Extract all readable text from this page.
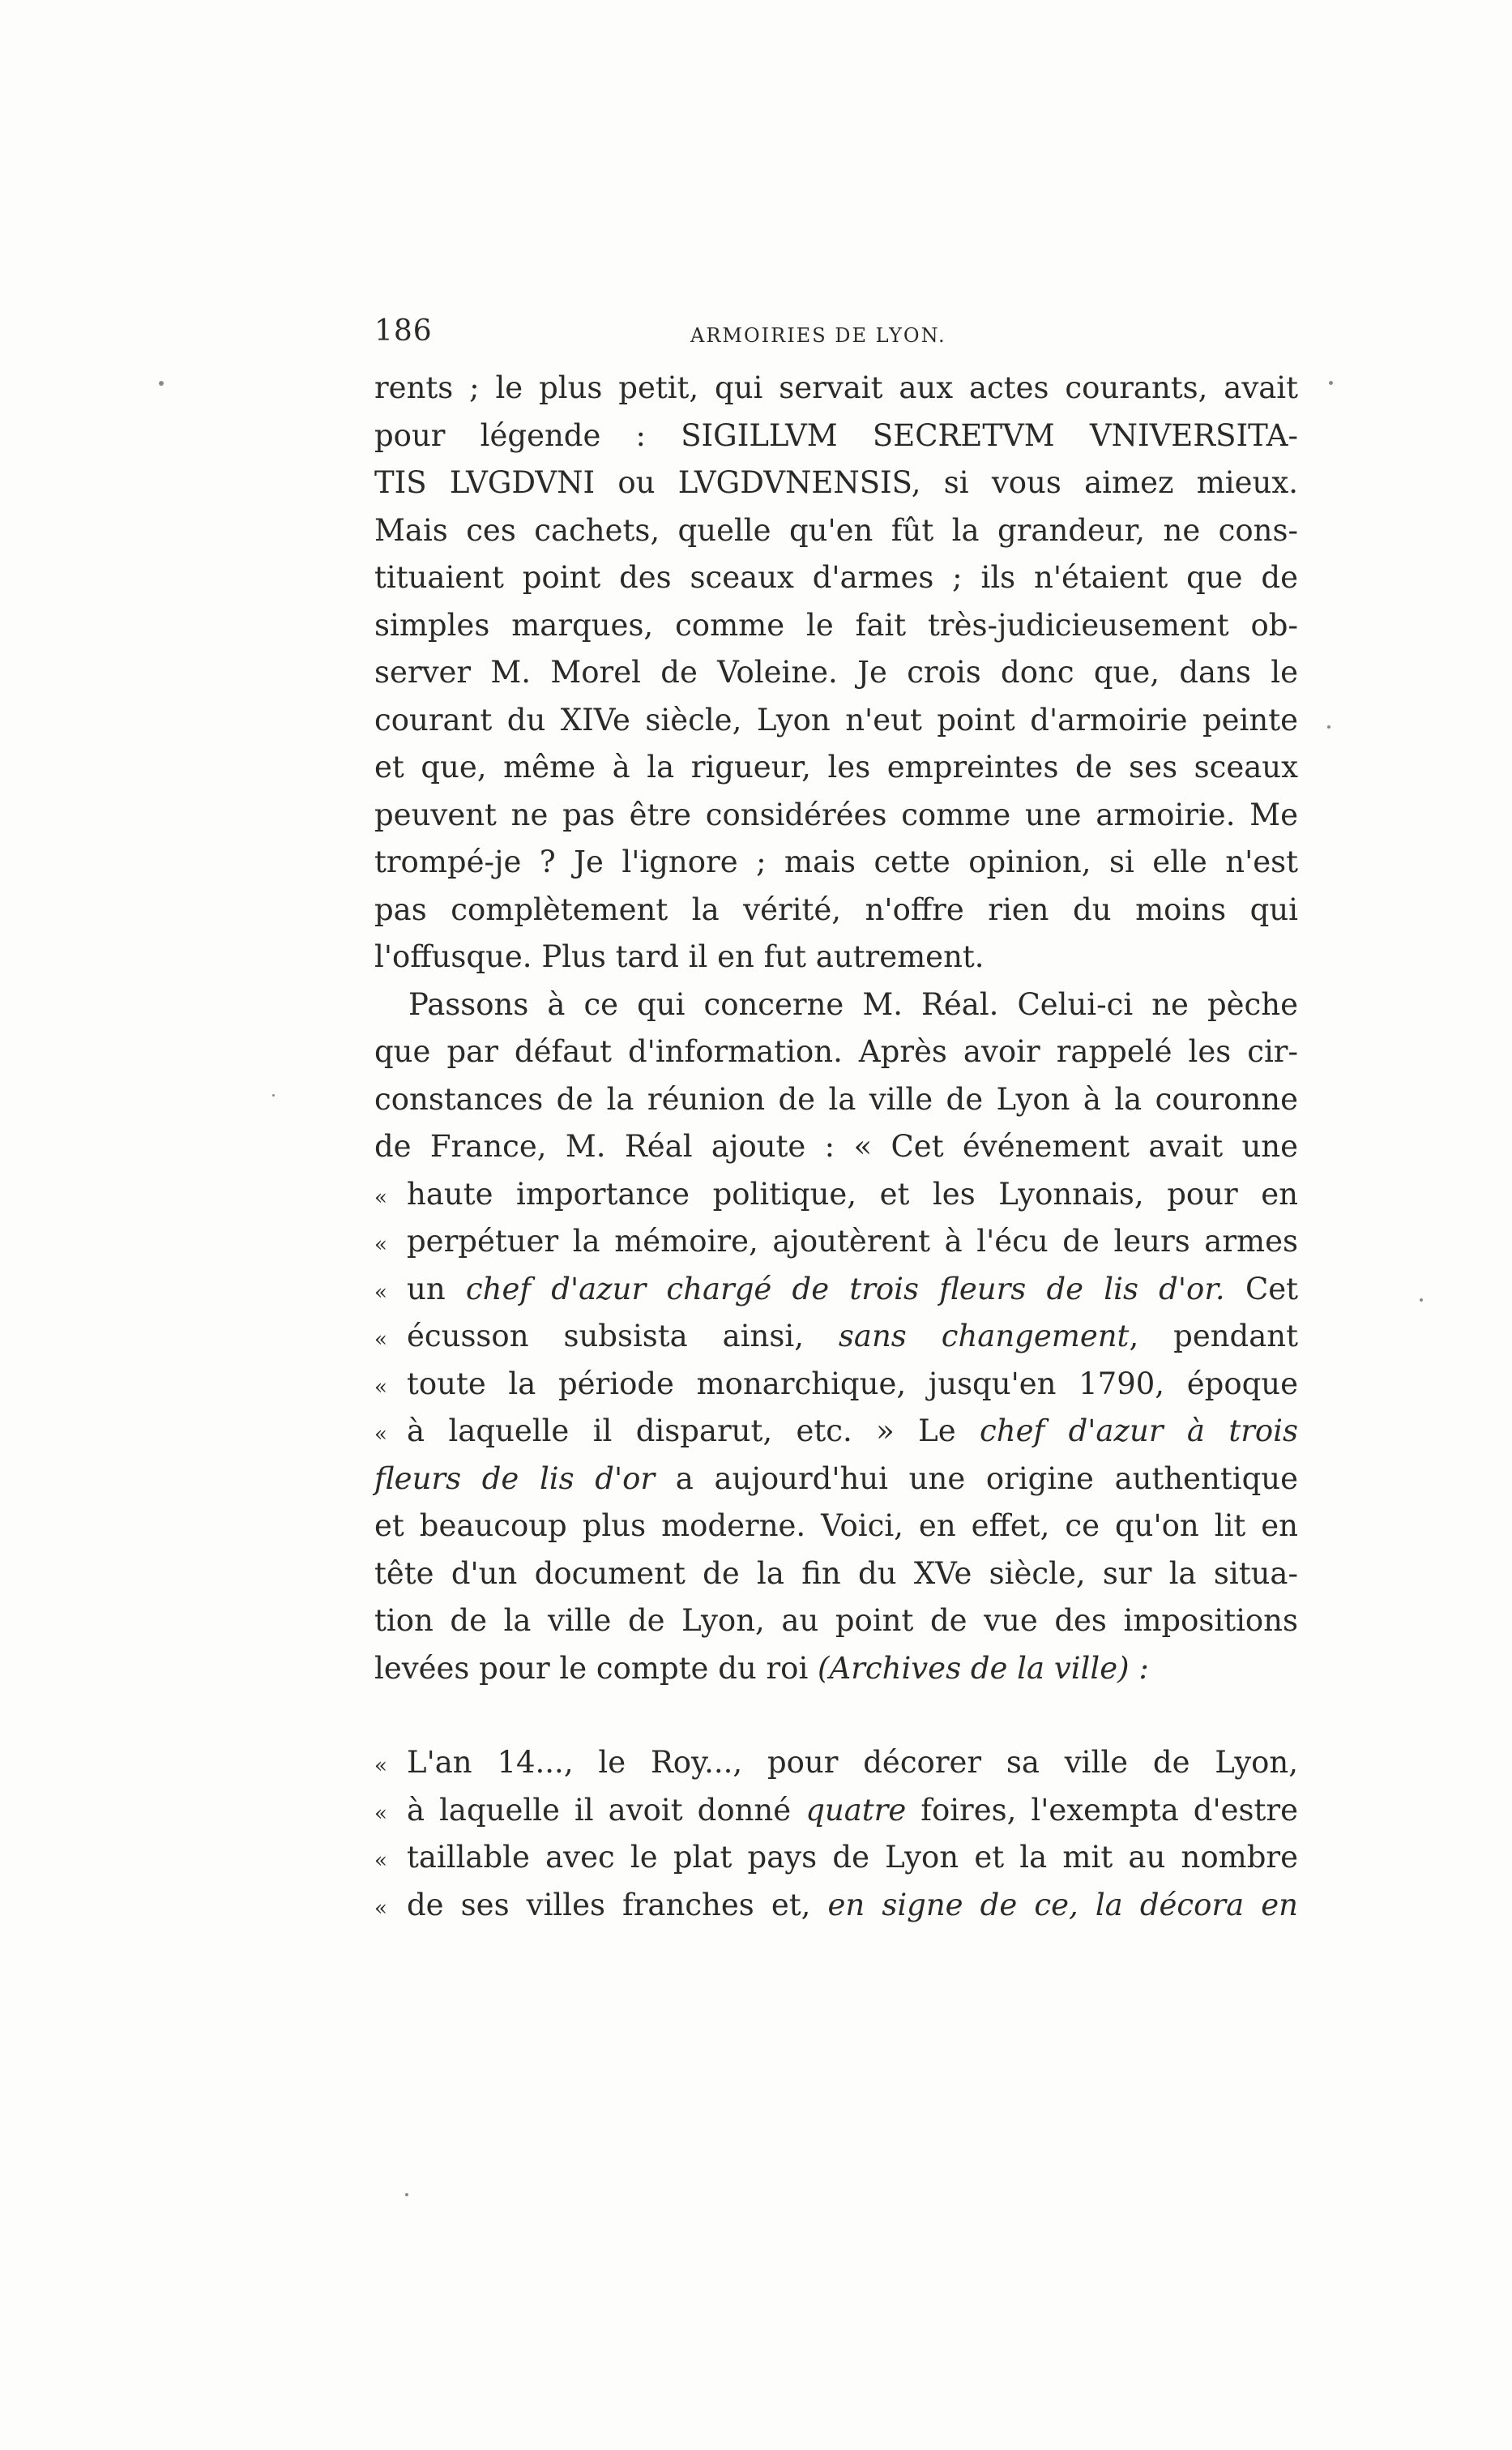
186	ARMOIRIES DE LYON.
rents ; le plus petit, qui servait aux actes courants, avait
pour légende : SIGILLVM SECRETVM VNIVERSITA-
TIS LVGDVNI ou LVGDVNENSIS, si vous aimez mieux.
Mais ces cachets, quelle qu'en fût la grandeur, ne cons-
tituaient point des sceaux d'armes ; ils n'étaient que de
simples marques, comme le fait très-judicieusement ob-
server M. Morel de Voleine. Je crois donc que, dans le
courant du XIVe siècle, Lyon n'eut point d'armoirie peinte
et que, même à la rigueur, les empreintes de ses sceaux
peuvent ne pas être considérées comme une armoirie. Me
trompé-je ? Je l'ignore ; mais cette opinion, si elle n'est
pas complètement la vérité, n'offre rien du moins qui
l'offusque. Plus tard il en fut autrement.
Passons à ce qui concerne M. Réal. Celui-ci ne pèche
que par défaut d'information. Après avoir rappelé les cir-
constances de la réunion de la ville de Lyon à la couronne
de France, M. Réal ajoute : « Cet événement avait une
« haute importance politique, et les Lyonnais, pour en
« perpétuer la mémoire, ajoutèrent à l'écu de leurs armes
« un chef d'azur chargé de trois fleurs de lis d'or. Cet
« écusson subsista ainsi, sans changement, pendant
« toute la période monarchique, jusqu'en 1790, époque
« à laquelle il disparut, etc. » Le chef d'azur à trois
fleurs de lis d'or a aujourd'hui une origine authentique
et beaucoup plus moderne. Voici, en effet, ce qu'on lit en
tête d'un document de la fin du XVe siècle, sur la situa-
tion de la ville de Lyon, au point de vue des impositions
levées pour le compte du roi (Archives de la ville) :
« L'an 14..., le Roy..., pour décorer sa ville de Lyon,
« à laquelle il avoit donné quatre foires, l'exempta d'estre
« taillable avec le plat pays de Lyon et la mit au nombre
« de ses villes franches et, en signe de ce, la décora en
